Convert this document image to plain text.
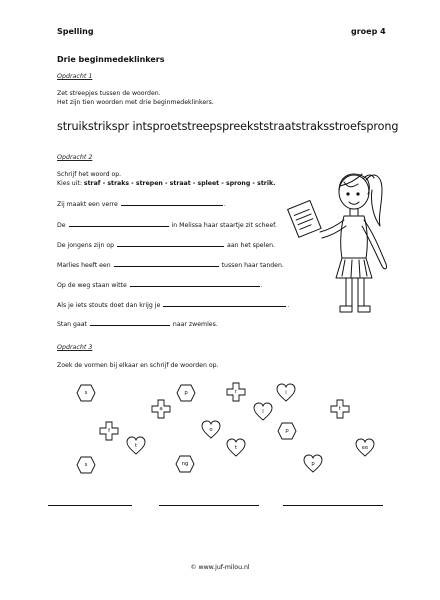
Spelling	groep 4
Drie beginmedeklinkers
Opdracht 1
Zet streepjes tussen de woorden.
Het zijn tien woorden met drie beginmedeklinkers.
struikstrikspr intsproetstreepspreekststraatstraksstroefsprong
Opdracht 2
Schrijf het woord op.
Kies uit: straf - straks - strepen - straat - spleet - sprong - strik.
Zij maakt een verre	.
De	in Melissa haar staartje zit scheef.
De jongens zijn op	aan het spelen.
Marlies heeft een	tussen haar tanden.
Op de weg staan witte	.
Als je iets stouts doet dan krijg je	.
Stan gaat	naar zwemles.
Opdracht 3
Zoek de vormen bij elkaar en schrijf de woorden op.
s	p	r	i
a	l	t
f	o	p
t	ee
s	ng
t
p
© www.juf-milou.nl
